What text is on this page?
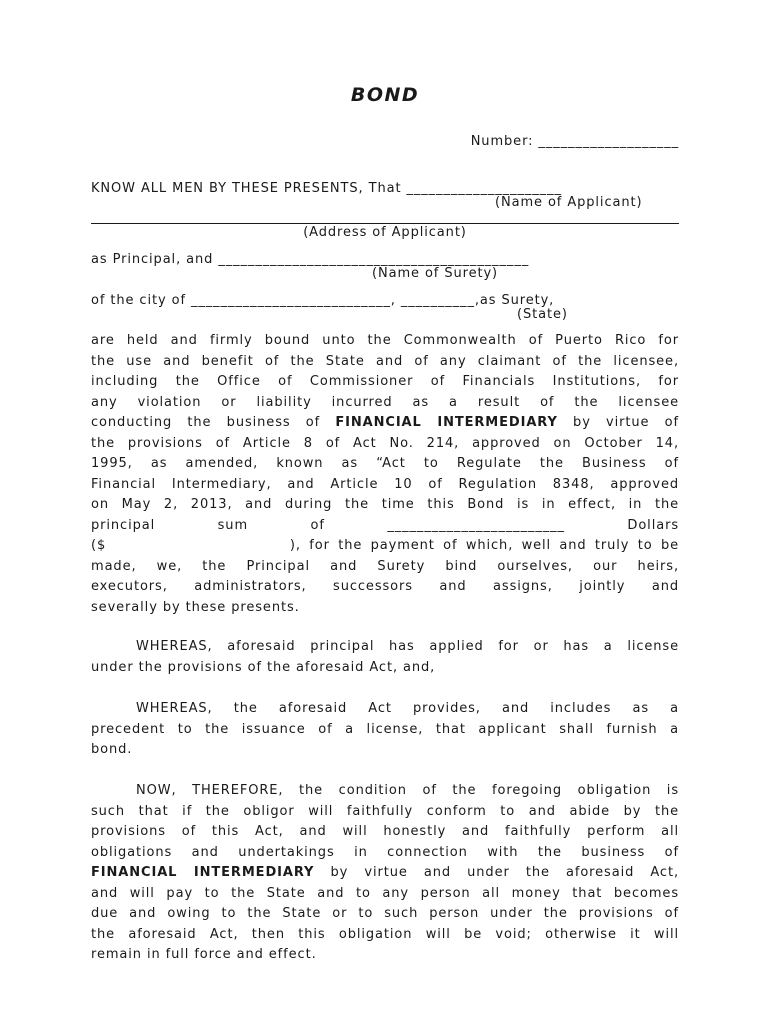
BOND
Number: ___________________
KNOW ALL MEN BY THESE PRESENTS, That _____________________
(Name of Applicant)
(Address of Applicant)
as Principal, and __________________________________________
(Name of Surety)
of the city of ___________________________, __________,as Surety,
(State)
are held and firmly bound unto the Commonwealth of Puerto Rico for
the use and benefit of the State and of any claimant of the licensee,
including the Office of Commissioner of Financials Institutions, for
any violation or liability incurred as a result of the licensee
conducting the business of FINANCIAL INTERMEDIARY by virtue of
the provisions of Article 8 of Act No. 214, approved on October 14,
1995, as amended, known as “Act to Regulate the Business of
Financial Intermediary, and Article 10 of Regulation 8348, approved
on May 2, 2013, and during the time this Bond is in effect, in the
principal sum of ________________________ Dollars
($                      ), for the payment of which, well and truly to be
made, we, the Principal and Surety bind ourselves, our heirs,
executors, administrators, successors and assigns, jointly and
severally by these presents.
WHEREAS, aforesaid principal has applied for or has a license
under the provisions of the aforesaid Act, and,
WHEREAS, the aforesaid Act provides, and includes as a
precedent to the issuance of a license, that applicant shall furnish a
bond.
NOW, THEREFORE, the condition of the foregoing obligation is
such that if the obligor will faithfully conform to and abide by the
provisions of this Act, and will honestly and faithfully perform all
obligations and undertakings in connection with the business of
FINANCIAL INTERMEDIARY by virtue and under the aforesaid Act,
and will pay to the State and to any person all money that becomes
due and owing to the State or to such person under the provisions of
the aforesaid Act, then this obligation will be void; otherwise it will
remain in full force and effect.
